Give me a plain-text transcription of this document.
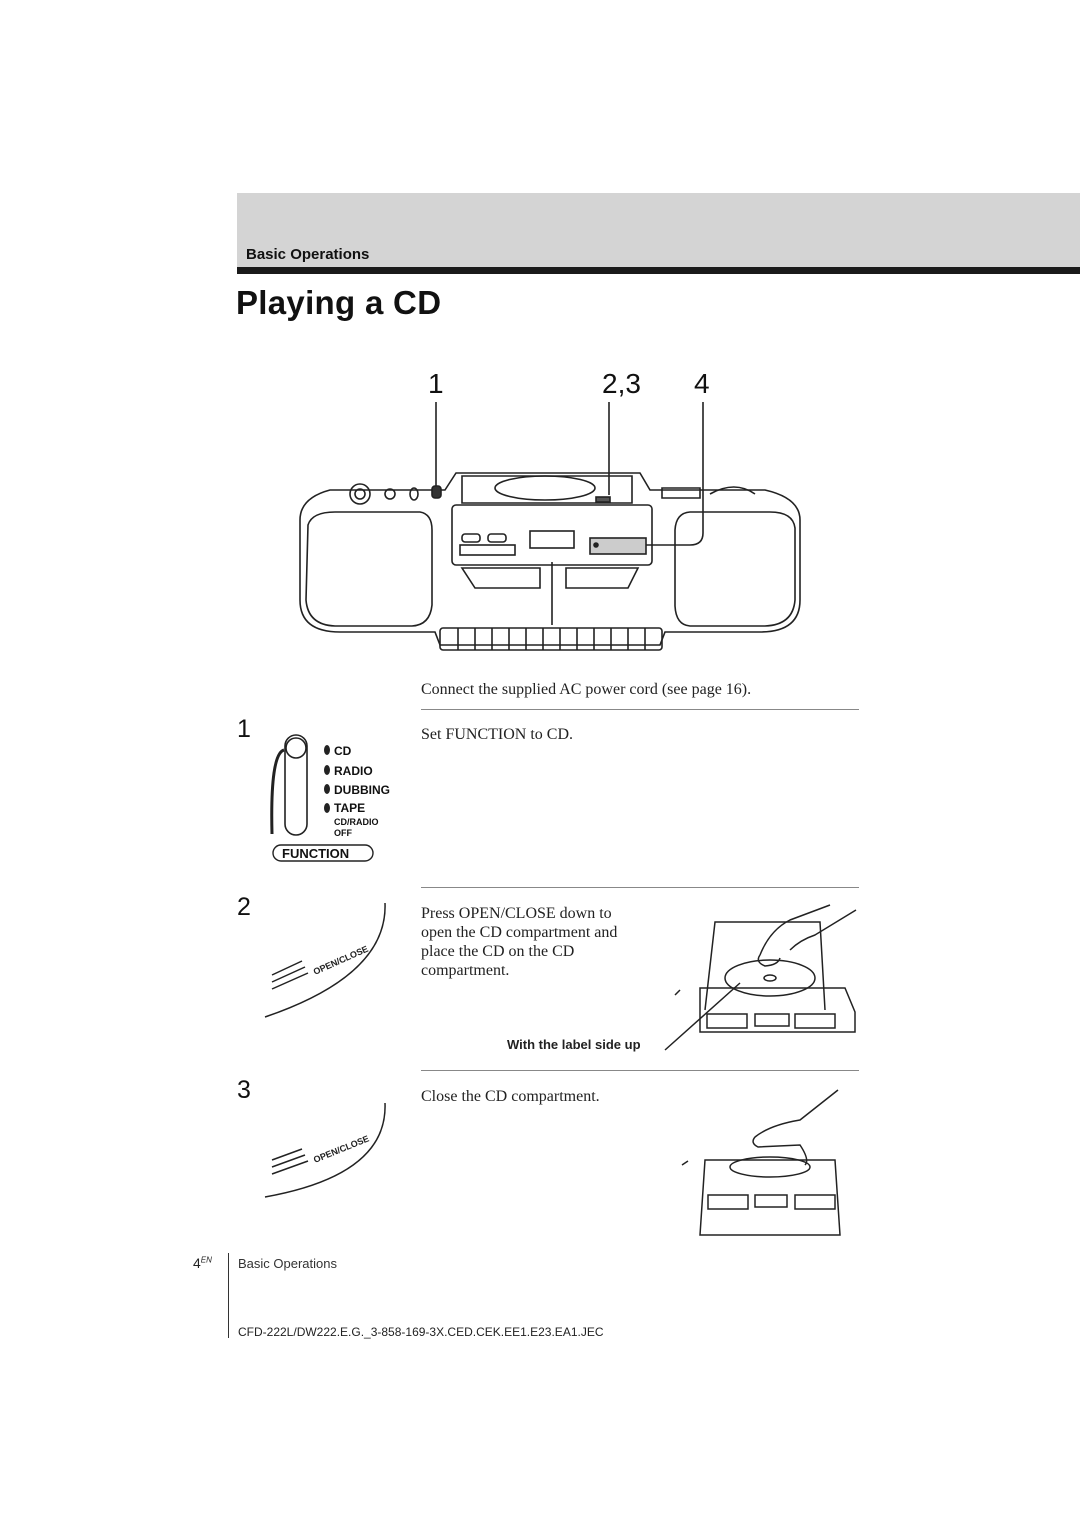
Basic Operations
Playing a CD
1	2,3 4
Connect the supplied AC power cord (see page 16).
1	Set FUNCTION to CD.
CD
RADIO
DUBBING
TAPE
CD/RADIO
OFF
FUNCTION
2	Press OPEN/CLOSE down to
open the CD compartment and
place the CD on the CD
compartment.
With the label side up
OPEN/CLOSE
3	Close the CD compartment.
OPEN/CLOSE
$4^{EN}$ Basic Operations
CFD-222L/DW222.E.G._3-858-169-3X.CED.CEK.EE1.E23.EA1.JEC
